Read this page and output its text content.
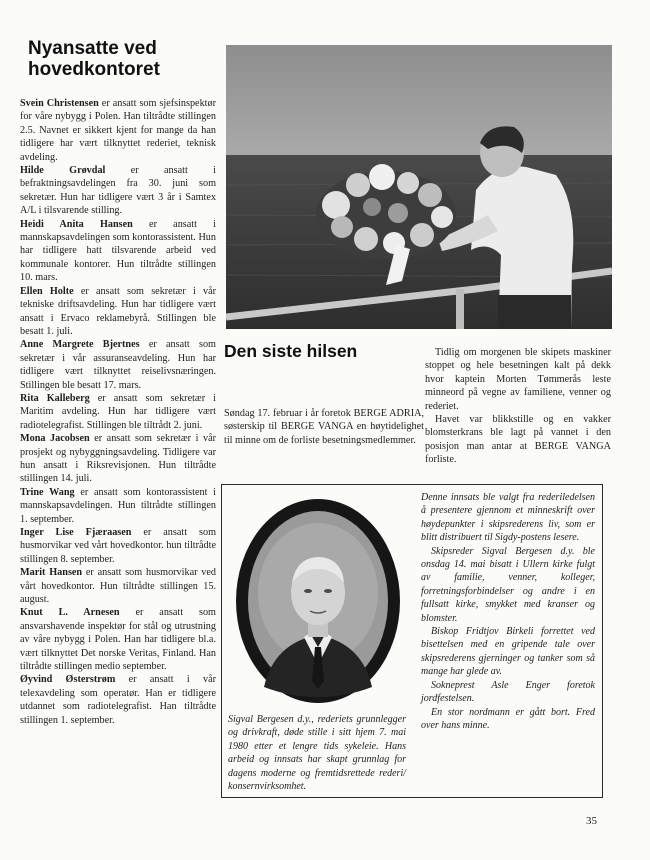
Nyansatte ved hovedkontoret

Svein Christensen er ansatt som sjefsinspektør for våre nybygg i Polen. Han tiltrådte stillingen 2.5. Navnet er sikkert kjent for mange da han tidligere har vært tilknyttet rederiet, teknisk avdeling.

Hilde Grøvdal er ansatt i befraktningsavdelingen fra 30. juni som sekretær. Hun har tidligere vært 3 år i Samtex A/L i tilsvarende stilling.

Heidi Anita Hansen er ansatt i mannskapsavdelingen som kontorassistent. Hun har tidligere hatt tilsvarende arbeid ved kommunale kontorer. Hun tiltrådte stillingen 10. mars.

Ellen Holte er ansatt som sekretær i vår tekniske driftsavdeling. Hun har tidligere vært ansatt i Ervaco reklamebyrå. Stillingen ble besatt 1. juli.

Anne Margrete Bjertnes er ansatt som sekretær i vår assuranseavdeling. Hun har tidligere vært tilknyttet reiselivsnæringen. Stillingen ble besatt 17. mars.

Rita Kalleberg er ansatt som sekretær i Maritim avdeling. Hun har tidligere vært radiotelegrafist. Stillingen ble tiltrådt 2. juni.

Mona Jacobsen er ansatt som sekretær i vår prosjekt og nybyggningsavdeling. Tidligere var hun ansatt i Riksrevisjonen. Hun tiltrådte stillingen 14. juli.

Trine Wang er ansatt som kontorassistent i mannskapsavdelingen. Hun tiltrådte stillingen 1. september.

Inger Lise Fjæraasen er ansatt som husmorvikar ved vårt hovedkontor. hun tiltrådte stillingen 8. september.

Marit Hansen er ansatt som husmorvikar ved vårt hovedkontor. Hun tiltrådte stillingen 15. august.

Knut L. Arnesen er ansatt som ansvarshavende inspektør for stål og utrustning av våre nybygg i Polen. Han har tidligere bl.a. vært tilknyttet Det norske Veritas, Finland. Han tiltrådte stillingen medio september.

Øyvind Østerstrøm er ansatt i vår telexavdeling som operatør. Han er tidligere utdannet som radiotelegrafist. Han tiltrådte stillingen 1. september.

Den siste hilsen

Søndag 17. februar i år foretok BERGE ADRIA, søsterskip til BERGE VANGA en høytidelighet til minne om de forliste besetningsmedlemmer.

Tidlig om morgenen ble skipets maskiner stoppet og hele besetningen kalt på dekk hvor kaptein Morten Tømmerås leste minneord på vegne av familiene, venner og rederiet.

Havet var blikkstille og en vakker blomsterkrans ble lagt på vannet i den posisjon man antar at BERGE VANGA forliste.

Sigval Bergesen d.y., rederiets grunnlegger og drivkraft, døde stille i sitt hjem 7. mai 1980 etter et lengre tids sykeleie. Hans arbeid og innsats har skapt grunnlag for dagens moderne og fremtidsrettede rederi/ konsernvirksomhet.

Denne innsats ble valgt fra rederiledelsen å presentere gjennom et minneskrift over høydepunkter i skipsrederens liv, som er blitt distribuert til Sigdy-postens lesere.

Skipsreder Sigval Bergesen d.y. ble onsdag 14. mai bisatt i Ullern kirke fulgt av familie, venner, kolleger, forretningsforbindelser og andre i en fullsatt kirke, smykket med kranser og blomster.

Biskop Fridtjov Birkeli forrettet ved bisettelsen med en gripende tale over skipsrederens gjerninger og tanker som så mange har glede av.

Sokneprest Asle Enger foretok jordfestelsen.

En stor nordmann er gått bort. Fred over hans minne.

35
